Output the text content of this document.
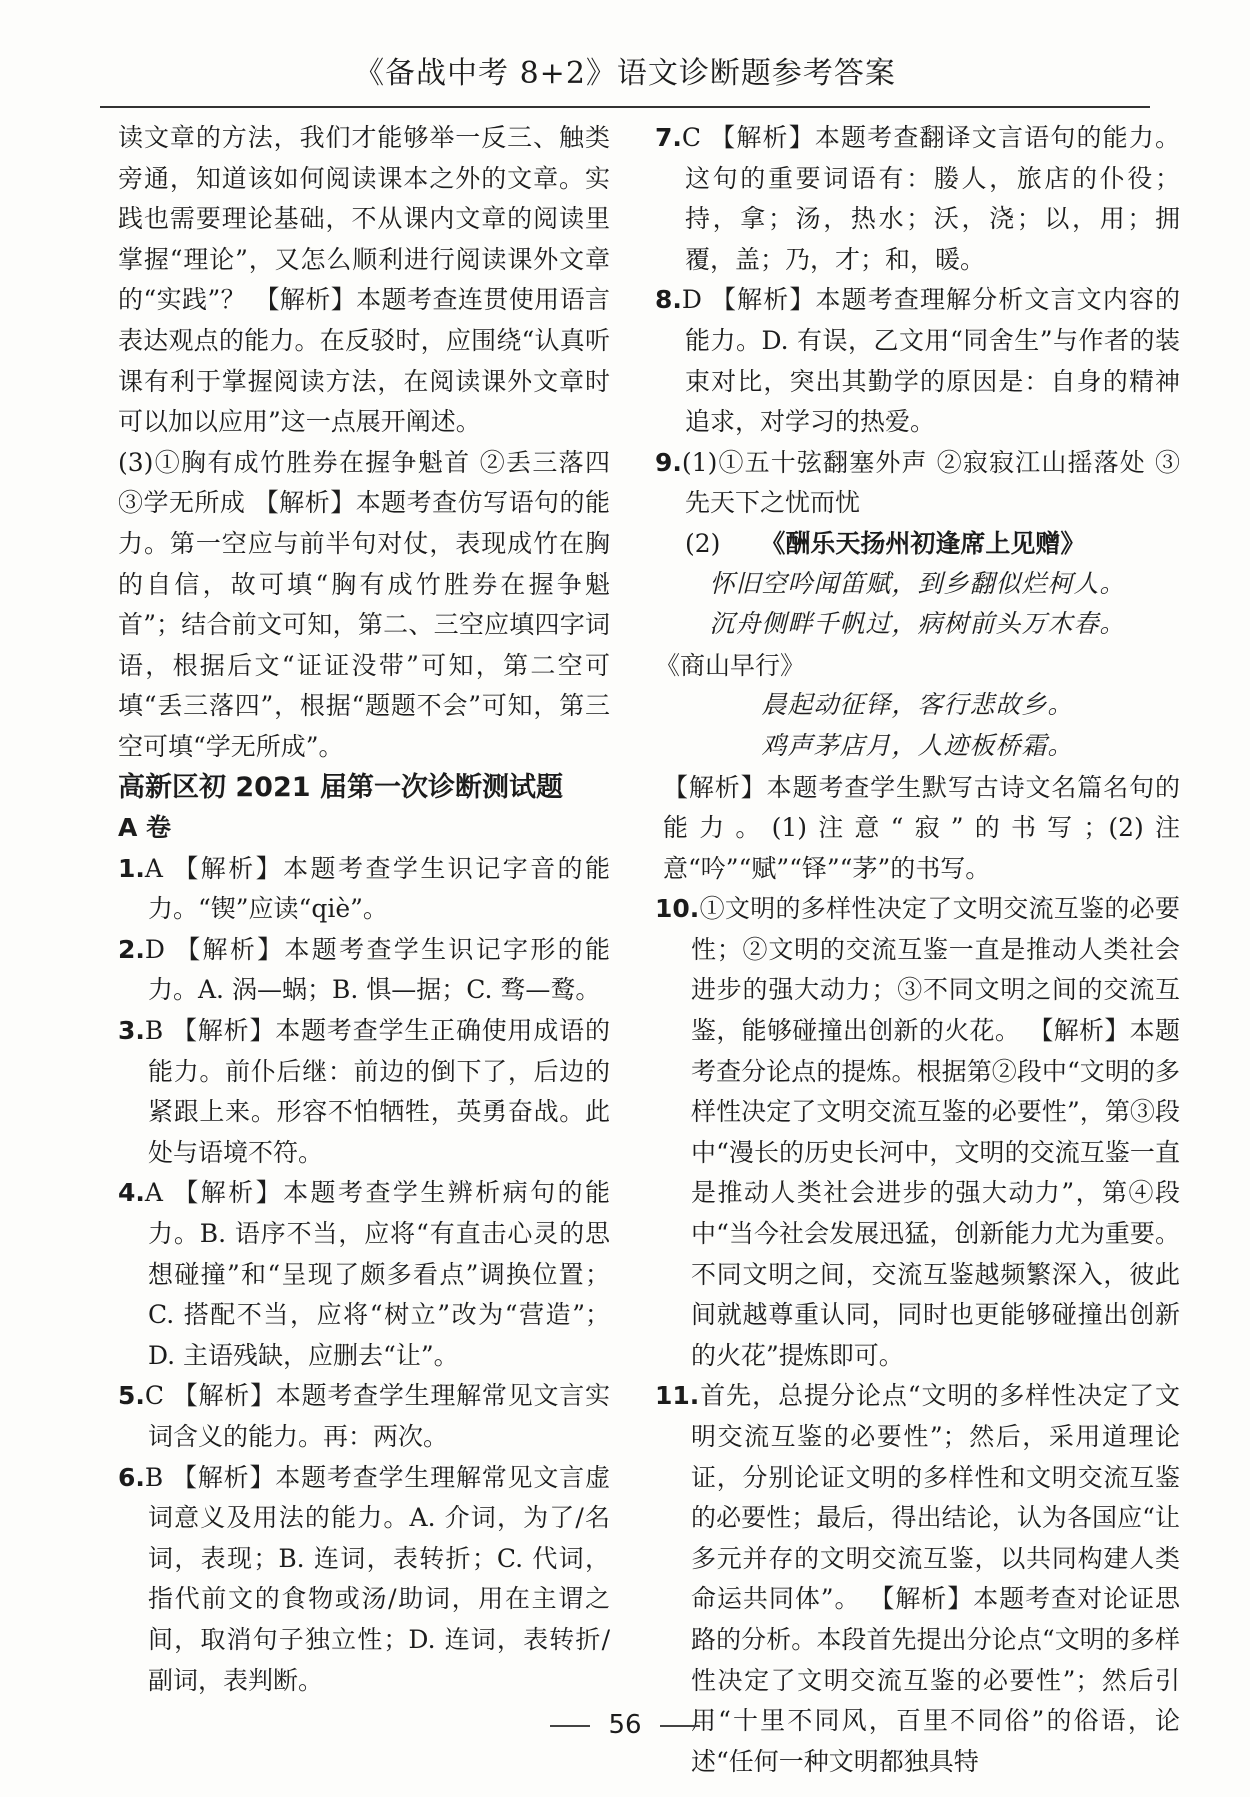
《备战中考 8+2》语文诊断题参考答案

读文章的方法，我们才能够举一反三、触类旁通，知道该如何阅读课本之外的文章。实践也需要理论基础，不从课内文章的阅读里掌握“理论”，又怎么顺利进行阅读课外文章的“实践”？ 【解析】本题考查连贯使用语言表达观点的能力。在反驳时，应围绕“认真听课有利于掌握阅读方法，在阅读课外文章时可以加以应用”这一点展开阐述。

(3)①胸有成竹胜券在握争魁首 ②丢三落四 ③学无所成 【解析】本题考查仿写语句的能力。第一空应与前半句对仗，表现成竹在胸的自信，故可填“胸有成竹胜券在握争魁首”；结合前文可知，第二、三空应填四字词语，根据后文“证证没带”可知，第二空可填“丢三落四”，根据“题题不会”可知，第三空可填“学无所成”。

高新区初 2021 届第一次诊断测试题

A 卷

1.A 【解析】本题考查学生识记字音的能力。“锲”应读“qiè”。

2.D 【解析】本题考查学生识记字形的能力。A. 涡—蜗；B. 惧—据；C. 骛—鹜。

3.B 【解析】本题考查学生正确使用成语的能力。前仆后继：前边的倒下了，后边的紧跟上来。形容不怕牺牲，英勇奋战。此处与语境不符。

4.A 【解析】本题考查学生辨析病句的能力。B. 语序不当，应将“有直击心灵的思想碰撞”和“呈现了颇多看点”调换位置；C. 搭配不当，应将“树立”改为“营造”；D. 主语残缺，应删去“让”。

5.C 【解析】本题考查学生理解常见文言实词含义的能力。再：两次。

6.B 【解析】本题考查学生理解常见文言虚词意义及用法的能力。A. 介词，为了/名词，表现；B. 连词，表转折；C. 代词，指代前文的食物或汤/助词，用在主谓之间，取消句子独立性；D. 连词，表转折/副词，表判断。

7.C 【解析】本题考查翻译文言语句的能力。这句的重要词语有：媵人，旅店的仆役；持，拿；汤，热水；沃，浇；以，用；拥覆，盖；乃，才；和，暖。

8.D 【解析】本题考查理解分析文言文内容的能力。D. 有误，乙文用“同舍生”与作者的装束对比，突出其勤学的原因是：自身的精神追求，对学习的热爱。

9.(1)①五十弦翻塞外声 ②寂寂江山摇落处 ③先天下之忧而忧

(2) 《酬乐天扬州初逢席上见赠》

怀旧空吟闻笛赋，到乡翻似烂柯人。

沉舟侧畔千帆过，病树前头万木春。

《商山早行》

晨起动征铎，客行悲故乡。

鸡声茅店月，人迹板桥霜。

【解析】本题考查学生默写古诗文名篇名句的能力。(1)注意“寂”的书写；(2)注意“吟”“赋”“铎”“茅”的书写。

10.①文明的多样性决定了文明交流互鉴的必要性；②文明的交流互鉴一直是推动人类社会进步的强大动力；③不同文明之间的交流互鉴，能够碰撞出创新的火花。 【解析】本题考查分论点的提炼。根据第②段中“文明的多样性决定了文明交流互鉴的必要性”，第③段中“漫长的历史长河中，文明的交流互鉴一直是推动人类社会进步的强大动力”，第④段中“当今社会发展迅猛，创新能力尤为重要。不同文明之间，交流互鉴越频繁深入，彼此间就越尊重认同，同时也更能够碰撞出创新的火花”提炼即可。

11.首先，总提分论点“文明的多样性决定了文明交流互鉴的必要性”；然后，采用道理论证，分别论证文明的多样性和文明交流互鉴的必要性；最后，得出结论，认为各国应“让多元并存的文明交流互鉴，以共同构建人类命运共同体”。 【解析】本题考查对论证思路的分析。本段首先提出分论点“文明的多样性决定了文明交流互鉴的必要性”；然后引用“十里不同风，百里不同俗”的俗语，论述“任何一种文明都独具特

56
